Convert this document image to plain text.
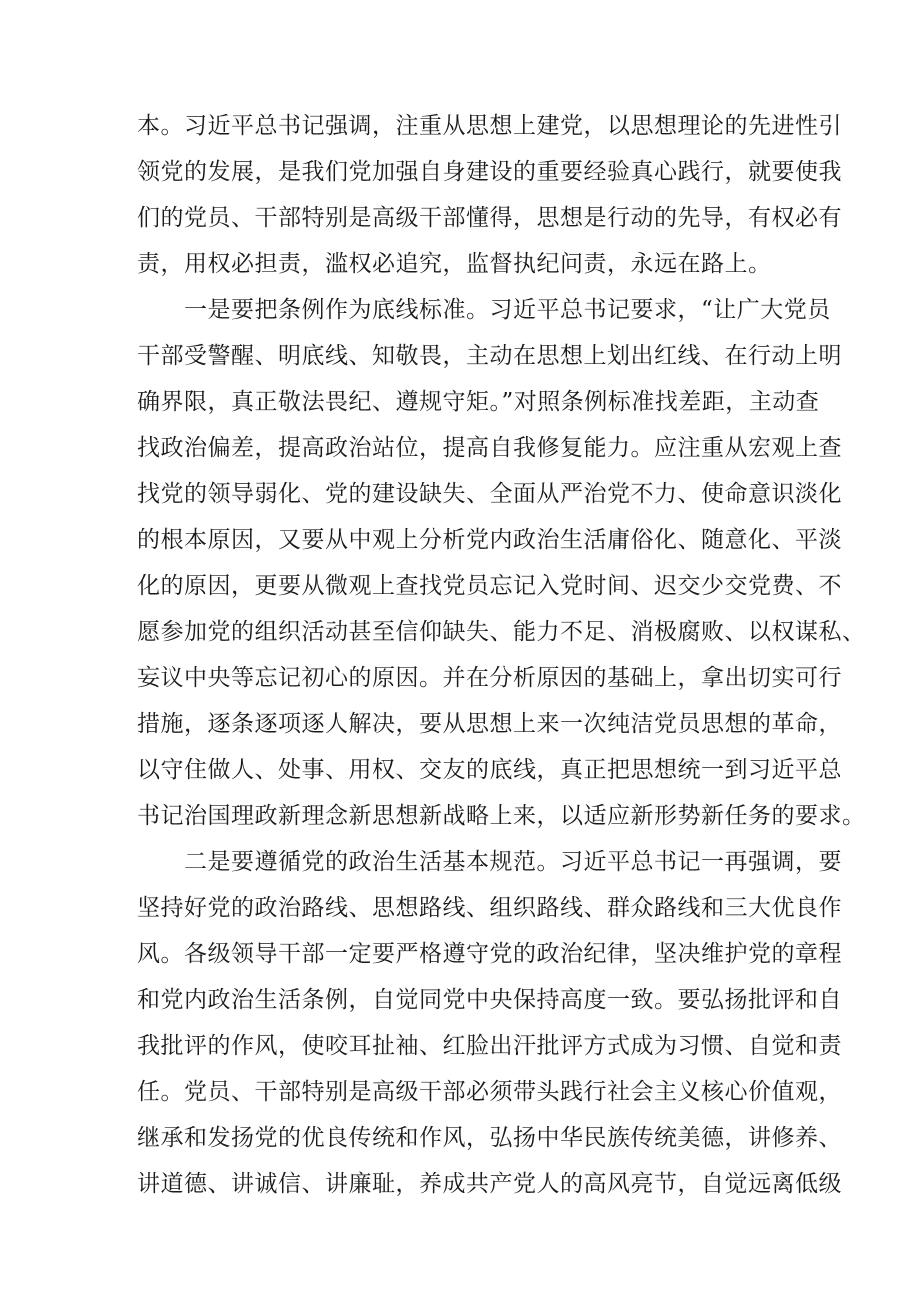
本。习近平总书记强调，注重从思想上建党，以思想理论的先进性引
领党的发展，是我们党加强自身建设的重要经验真心践行，就要使我
们的党员、干部特别是高级干部懂得，思想是行动的先导，有权必有
责，用权必担责，滥权必追究，监督执纪问责，永远在路上。
一是要把条例作为底线标准。习近平总书记要求，“让广大党员
干部受警醒、明底线、知敬畏，主动在思想上划出红线、在行动上明
确界限，真正敬法畏纪、遵规守矩。”对照条例标准找差距，主动查
找政治偏差，提高政治站位，提高自我修复能力。应注重从宏观上查
找党的领导弱化、党的建设缺失、全面从严治党不力、使命意识淡化
的根本原因，又要从中观上分析党内政治生活庸俗化、随意化、平淡
化的原因，更要从微观上查找党员忘记入党时间、迟交少交党费、不
愿参加党的组织活动甚至信仰缺失、能力不足、消极腐败、以权谋私、
妄议中央等忘记初心的原因。并在分析原因的基础上，拿出切实可行
措施，逐条逐项逐人解决，要从思想上来一次纯洁党员思想的革命，
以守住做人、处事、用权、交友的底线，真正把思想统一到习近平总
书记治国理政新理念新思想新战略上来，以适应新形势新任务的要求。
二是要遵循党的政治生活基本规范。习近平总书记一再强调，要
坚持好党的政治路线、思想路线、组织路线、群众路线和三大优良作
风。各级领导干部一定要严格遵守党的政治纪律，坚决维护党的章程
和党内政治生活条例，自觉同党中央保持高度一致。要弘扬批评和自
我批评的作风，使咬耳扯袖、红脸出汗批评方式成为习惯、自觉和责
任。党员、干部特别是高级干部必须带头践行社会主义核心价值观，
继承和发扬党的优良传统和作风，弘扬中华民族传统美德，讲修养、
讲道德、讲诚信、讲廉耻，养成共产党人的高风亮节，自觉远离低级
